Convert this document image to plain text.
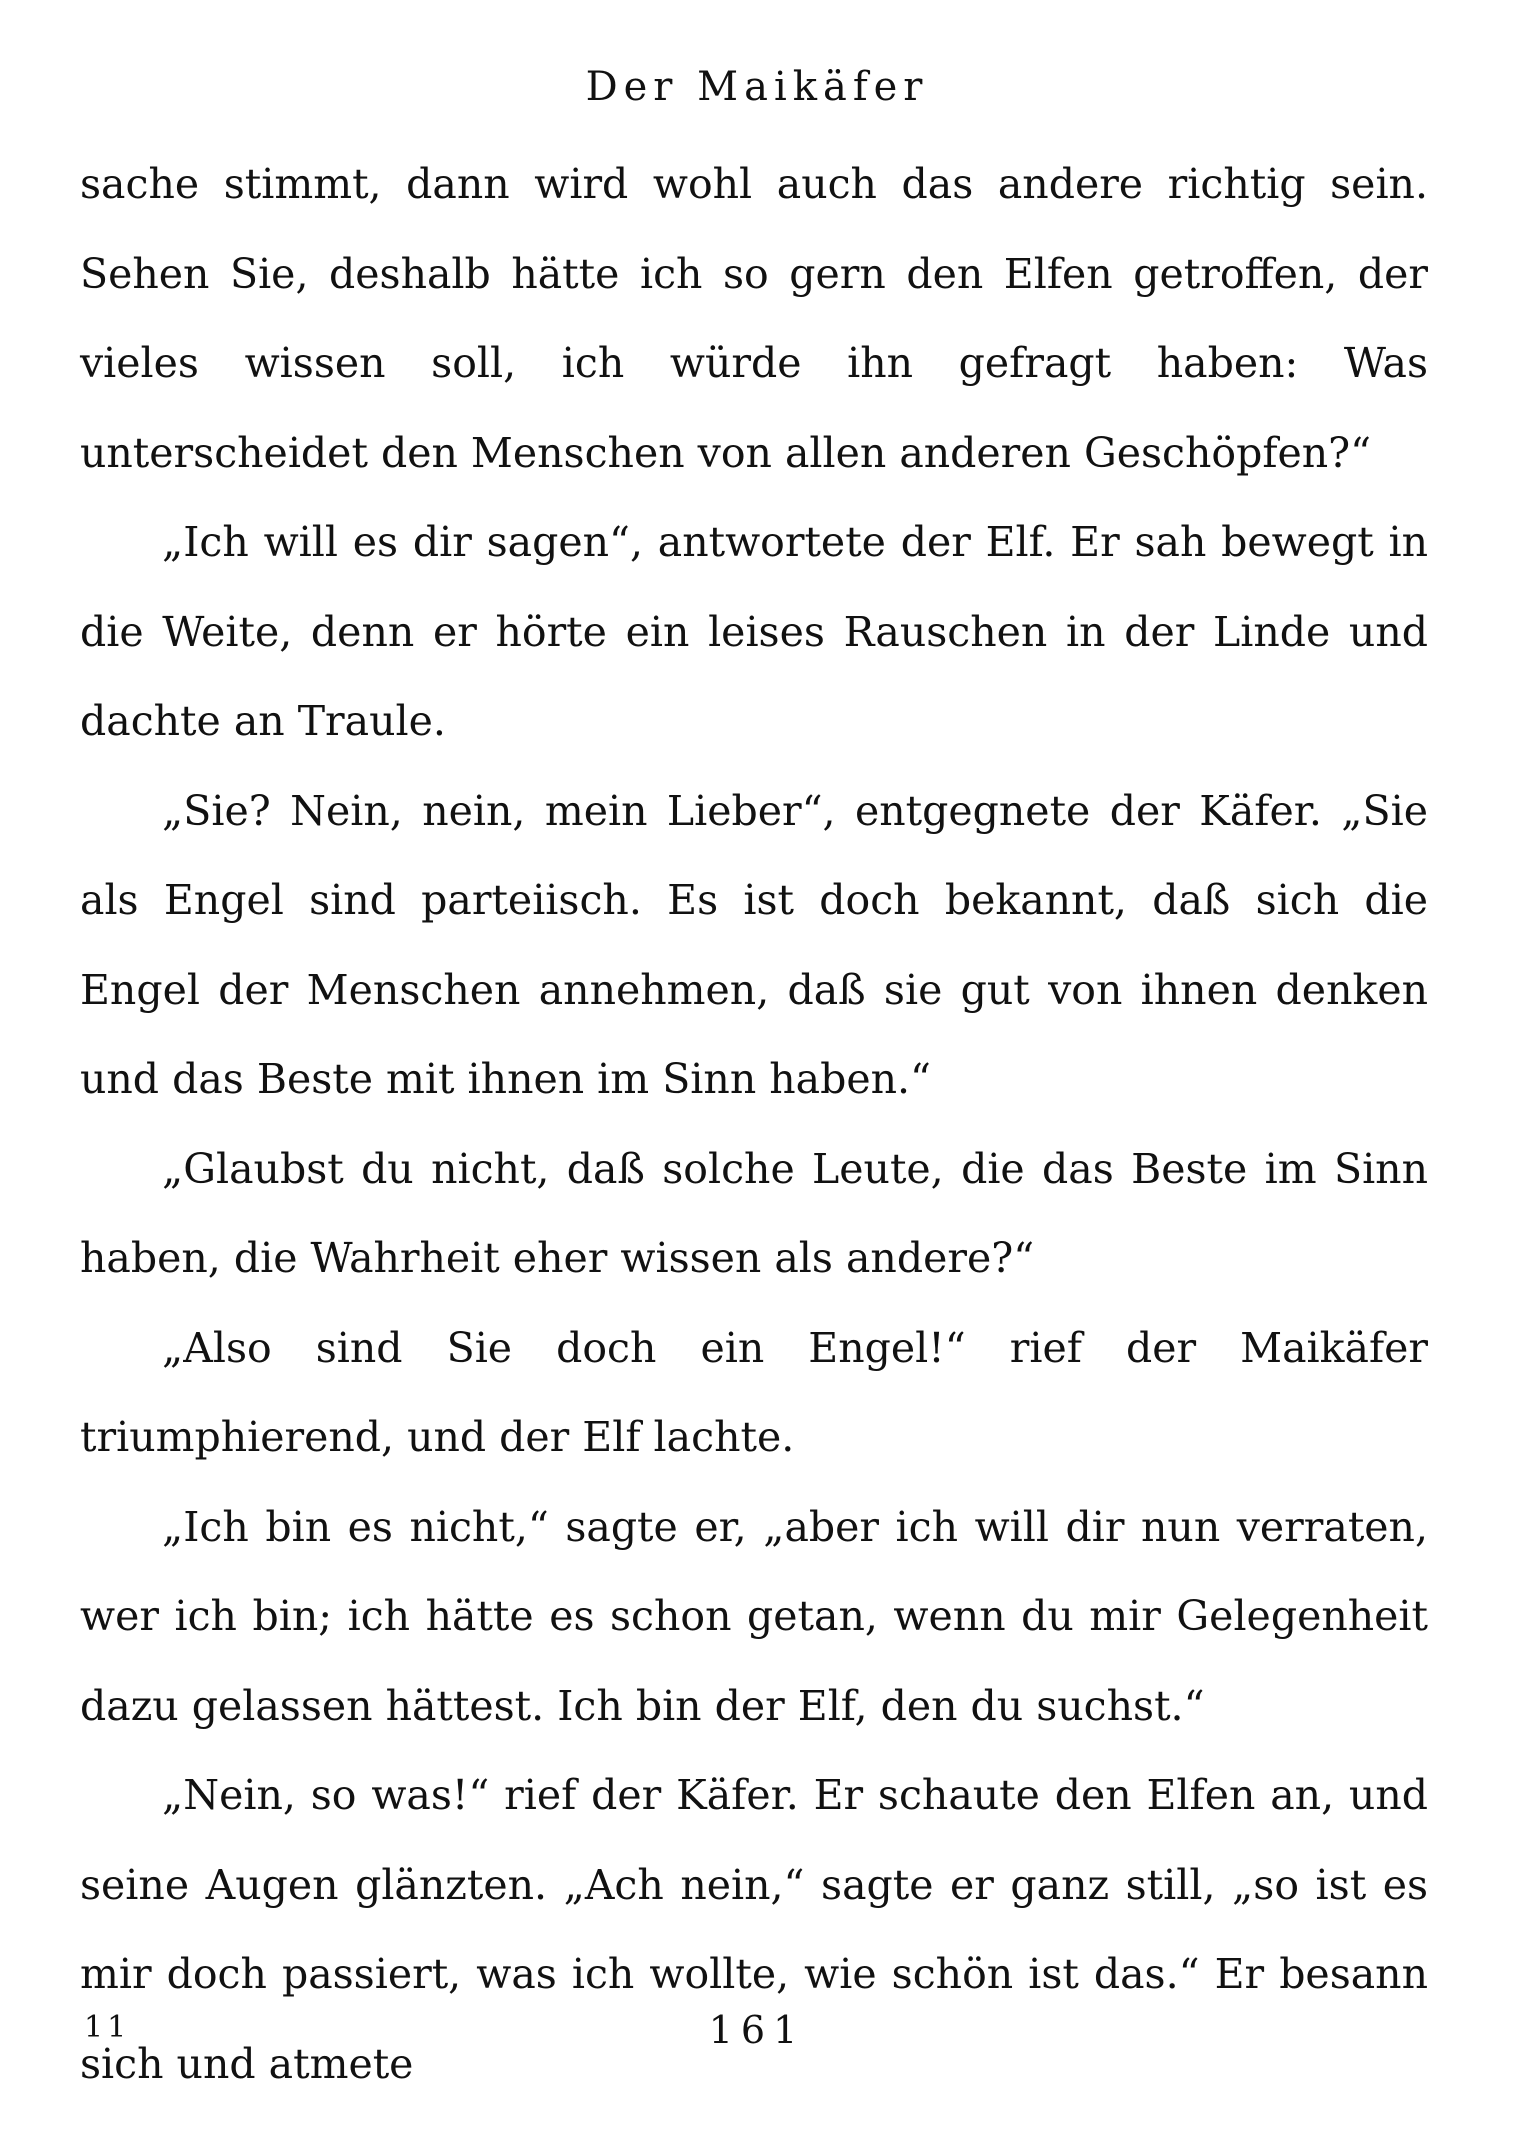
Der Maikäfer

sache stimmt, dann wird wohl auch das andere richtig sein. Sehen Sie, deshalb hätte ich so gern den Elfen getroffen, der vieles wissen soll, ich würde ihn gefragt haben: Was unterscheidet den Menschen von allen anderen Geschöpfen?“

„Ich will es dir sagen“, antwortete der Elf. Er sah bewegt in die Weite, denn er hörte ein leises Rauschen in der Linde und dachte an Traule.

„Sie? Nein, nein, mein Lieber“, entgegnete der Käfer. „Sie als Engel sind parteiisch. Es ist doch bekannt, daß sich die Engel der Menschen annehmen, daß sie gut von ihnen denken und das Beste mit ihnen im Sinn haben.“

„Glaubst du nicht, daß solche Leute, die das Beste im Sinn haben, die Wahrheit eher wissen als andere?“

„Also sind Sie doch ein Engel!“ rief der Maikäfer triumphierend, und der Elf lachte.

„Ich bin es nicht,“ sagte er, „aber ich will dir nun verraten, wer ich bin; ich hätte es schon getan, wenn du mir Gelegenheit dazu gelassen hättest. Ich bin der Elf, den du suchst.“

„Nein, so was!“ rief der Käfer. Er schaute den Elfen an, und seine Augen glänzten. „Ach nein,“ sagte er ganz still, „so ist es mir doch passiert, was ich wollte, wie schön ist das.“ Er besann sich und atmete

11	161
